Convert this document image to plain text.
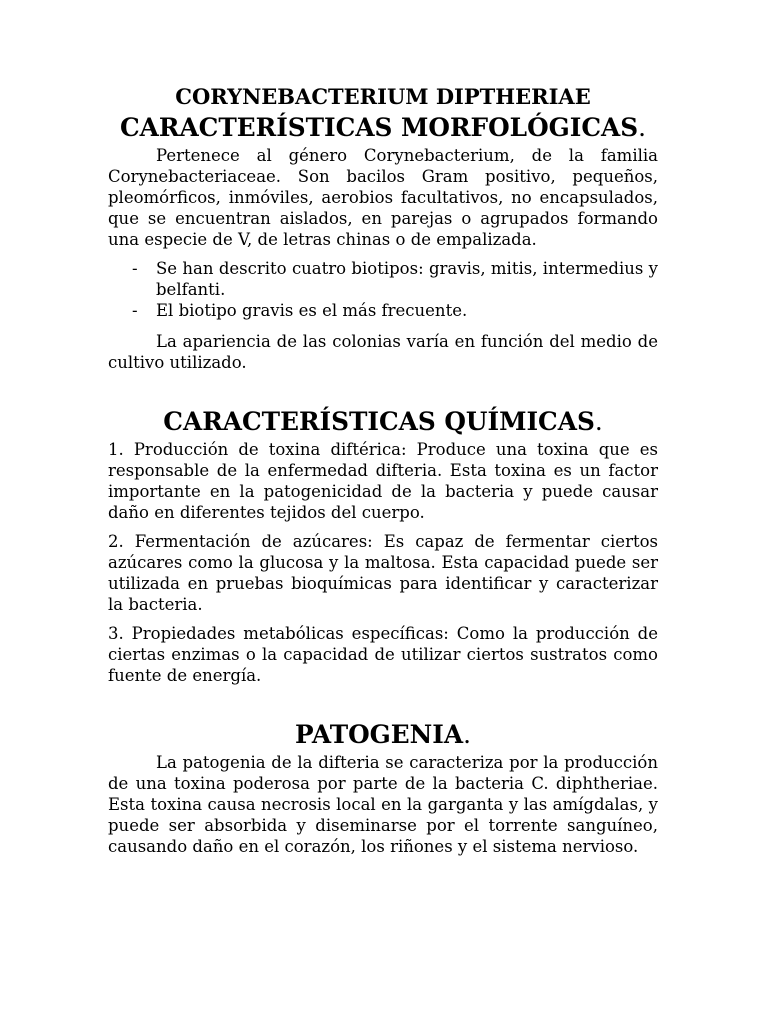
CORYNEBACTERIUM DIPTHERIAE
CARACTERÍSTICAS MORFOLÓGICAS.

Pertenece al género Corynebacterium, de la familia Corynebacteriaceae. Son bacilos Gram positivo, pequeños, pleomórficos, inmóviles, aerobios facultativos, no encapsulados, que se encuentran aislados, en parejas o agrupados formando una especie de V, de letras chinas o de empalizada.

- Se han descrito cuatro biotipos: gravis, mitis, intermedius y belfanti.
- El biotipo gravis es el más frecuente.

La apariencia de las colonias varía en función del medio de cultivo utilizado.

CARACTERÍSTICAS QUÍMICAS.

1. Producción de toxina diftérica: Produce una toxina que es responsable de la enfermedad difteria. Esta toxina es un factor importante en la patogenicidad de la bacteria y puede causar daño en diferentes tejidos del cuerpo.

2. Fermentación de azúcares: Es capaz de fermentar ciertos azúcares como la glucosa y la maltosa. Esta capacidad puede ser utilizada en pruebas bioquímicas para identificar y caracterizar la bacteria.

3. Propiedades metabólicas específicas: Como la producción de ciertas enzimas o la capacidad de utilizar ciertos sustratos como fuente de energía.

PATOGENIA.

La patogenia de la difteria se caracteriza por la producción de una toxina poderosa por parte de la bacteria C. diphtheriae. Esta toxina causa necrosis local en la garganta y las amígdalas, y puede ser absorbida y diseminarse por el torrente sanguíneo, causando daño en el corazón, los riñones y el sistema nervioso.
